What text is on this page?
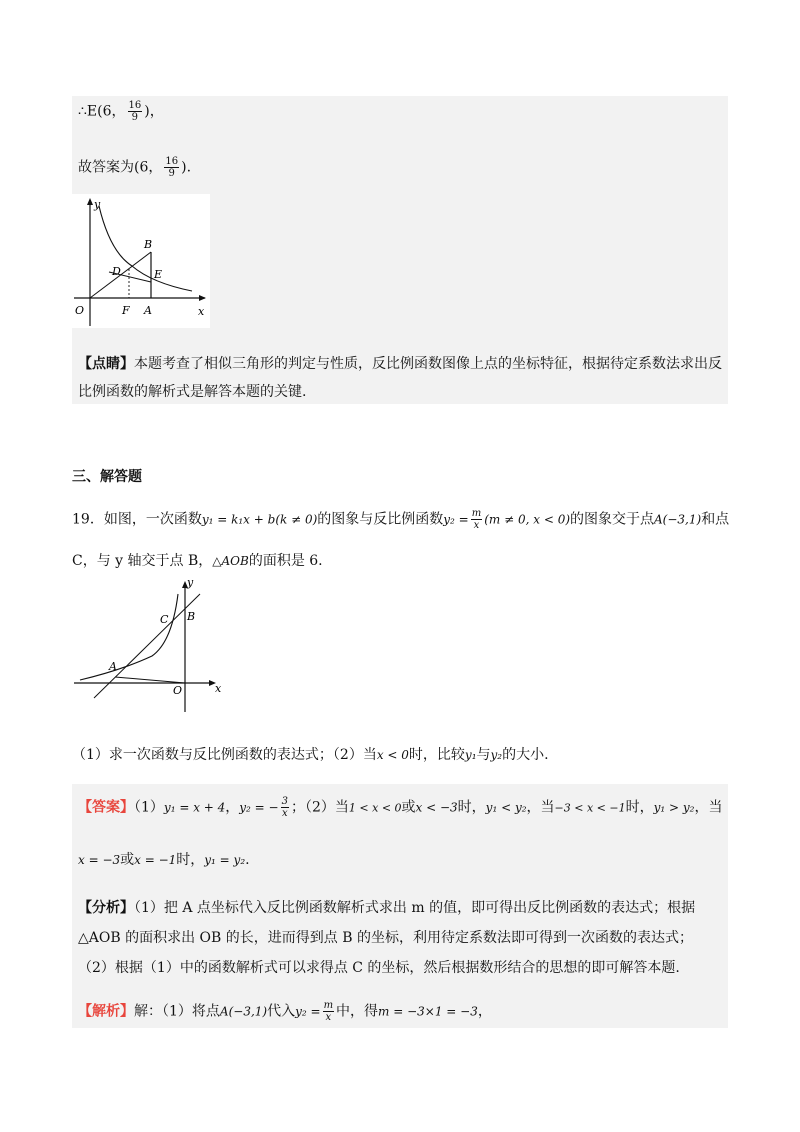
∴E(6， $\frac{16}{9}$ )，
故答案为(6， $\frac{16}{9}$ ).
y
x
O
B
D	E
F A
【点睛】本题考查了相似三角形的判定与性质，反比例函数图像上点的坐标特征，根据待定系数法求出反
比例函数的解析式是解答本题的关键.
三、解答题
19．如图，一次函数y₁ = k₁x + b(k ≠ 0)的图象与反比例函数$y_2 = \frac{m}{x} (m \ne 0$, x < 0)的图象交于点A(−3,1)和点
C，与 y 轴交于点 B，△AOB的面积是 6.
y
x
O
B
C
A
（1）求一次函数与反比例函数的表达式；（2）当x < 0时，比较y₁与y₂的大小.
【答案】（1）y₁ = x + 4，y₂ = − $\frac{3}{x}$ ；（2）当1 < x < 0或x < −3时，y₁ < y₂，当−3 < x < −1时，y₁ > y₂，当
x = −3或x = −1时，y₁ = y₂.
【分析】（1）把 A 点坐标代入反比例函数解析式求出 m 的值，即可得出反比例函数的表达式；根据
△AOB 的面积求出 OB 的长，进而得到点 B 的坐标，利用待定系数法即可得到一次函数的表达式；
（2）根据（1）中的函数解析式可以求得点 C 的坐标，然后根据数形结合的思想的即可解答本题.
【解析】解：（1）将点A(−3,1)代入$y_2 = \frac{m}{x}$ 中，得m = −3×1 = −3，
